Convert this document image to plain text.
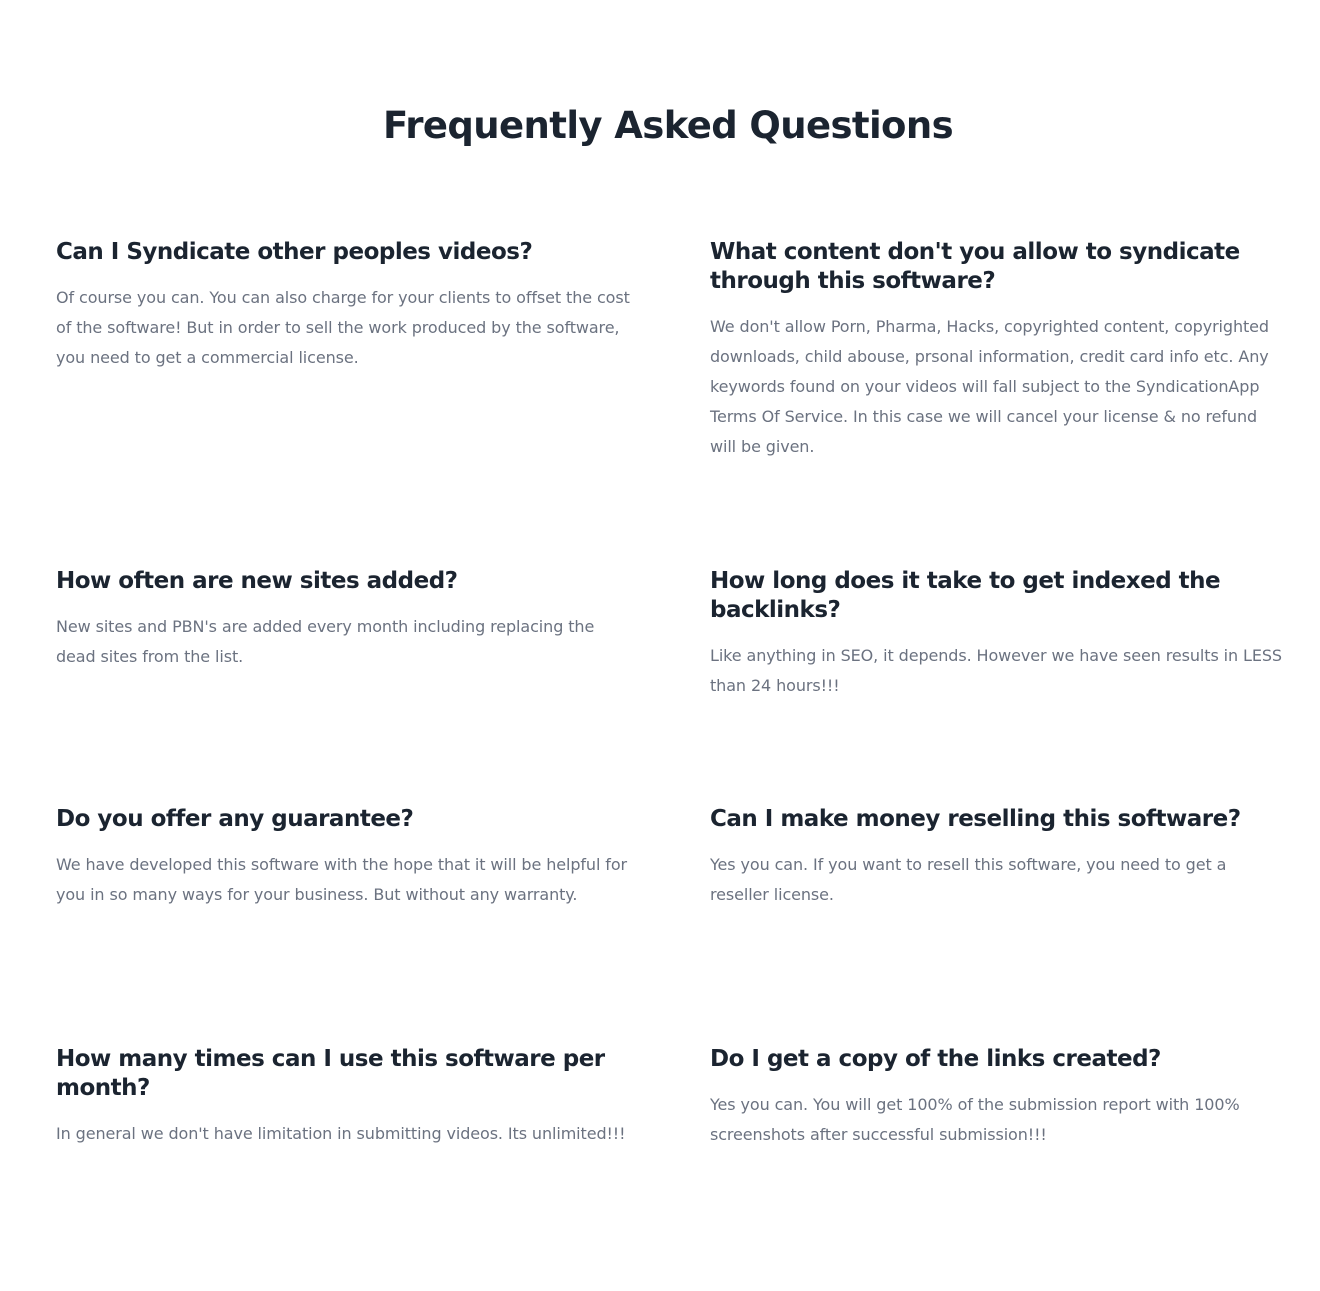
Frequently Asked Questions
Can I Syndicate other peoples videos?

Of course you can. You can also charge for your clients to offset the cost of the software! But in order to sell the work produced by the software, you need to get a commercial license.

What content don't you allow to syndicate through this software?

We don't allow Porn, Pharma, Hacks, copyrighted content, copyrighted downloads, child abouse, prsonal information, credit card info etc. Any keywords found on your videos will fall subject to the SyndicationApp Terms Of Service. In this case we will cancel your license & no refund will be given.

How often are new sites added?

New sites and PBN's are added every month including replacing the dead sites from the list.

How long does it take to get indexed the backlinks?

Like anything in SEO, it depends. However we have seen results in LESS than 24 hours!!!

Do you offer any guarantee?

We have developed this software with the hope that it will be helpful for you in so many ways for your business. But without any warranty.

Can I make money reselling this software?

Yes you can. If you want to resell this software, you need to get a reseller license.

How many times can I use this software per month?

In general we don't have limitation in submitting videos. Its unlimited!!!

Do I get a copy of the links created?

Yes you can. You will get 100% of the submission report with 100% screenshots after successful submission!!!
